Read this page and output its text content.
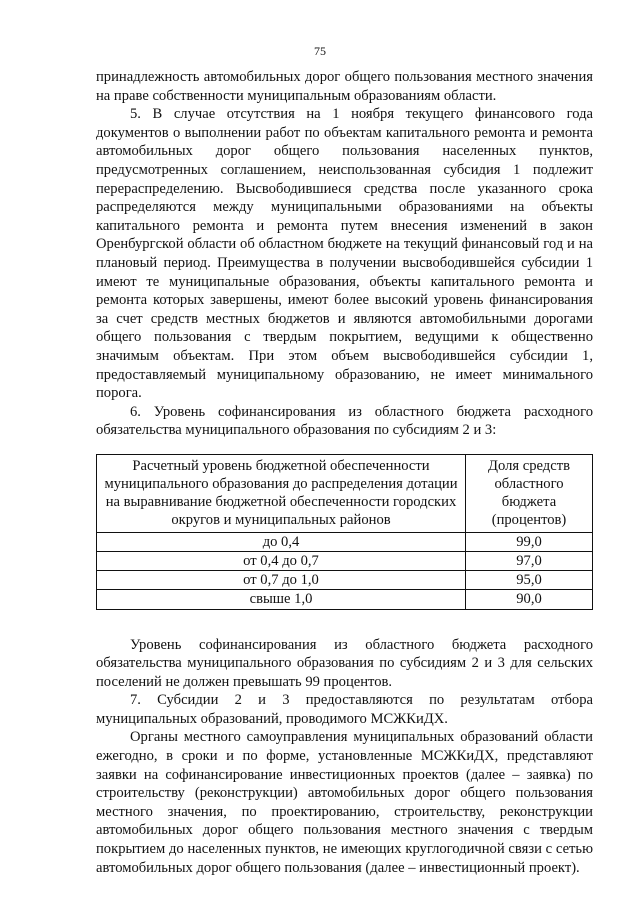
75

принадлежность автомобильных дорог общего пользования местного значения на праве собственности муниципальным образованиям области.

5. В случае отсутствия на 1 ноября текущего финансового года документов о выполнении работ по объектам капитального ремонта и ремонта автомобильных дорог общего пользования населенных пунктов, предусмотренных соглашением, неиспользованная субсидия 1 подлежит перераспределению. Высвободившиеся средства после указанного срока распределяются между муниципальными образованиями на объекты капитального ремонта и ремонта путем внесения изменений в закон Оренбургской области об областном бюджете на текущий финансовый год и на плановый период. Преимущества в получении высвободившейся субсидии 1 имеют те муниципальные образования, объекты капитального ремонта и ремонта которых завершены, имеют более высокий уровень финансирования за счет средств местных бюджетов и являются автомобильными дорогами общего пользования с твердым покрытием, ведущими к общественно значимым объектам. При этом объем высвободившейся субсидии 1, предоставляемый муниципальному образованию, не имеет минимального порога.

6. Уровень софинансирования из областного бюджета расходного обязательства муниципального образования по субсидиям 2 и 3:

Расчетный уровень бюджетной обеспеченности муниципального образования до распределения дотации на выравнивание бюджетной обеспеченности городских округов и муниципальных районов	Доля средств областного бюджета (процентов)
до 0,4	99,0
от 0,4 до 0,7	97,0
от 0,7 до 1,0	95,0
свыше 1,0	90,0

Уровень софинансирования из областного бюджета расходного обязательства муниципального образования по субсидиям 2 и 3 для сельских поселений не должен превышать 99 процентов.

7. Субсидии 2 и 3 предоставляются по результатам отбора муниципальных образований, проводимого МСЖКиДХ.

Органы местного самоуправления муниципальных образований области ежегодно, в сроки и по форме, установленные МСЖКиДХ, представляют заявки на софинансирование инвестиционных проектов (далее – заявка) по строительству (реконструкции) автомобильных дорог общего пользования местного значения, по проектированию, строительству, реконструкции автомобильных дорог общего пользования местного значения с твердым покрытием до населенных пунктов, не имеющих круглогодичной связи с сетью автомобильных дорог общего пользования (далее – инвестиционный проект).
